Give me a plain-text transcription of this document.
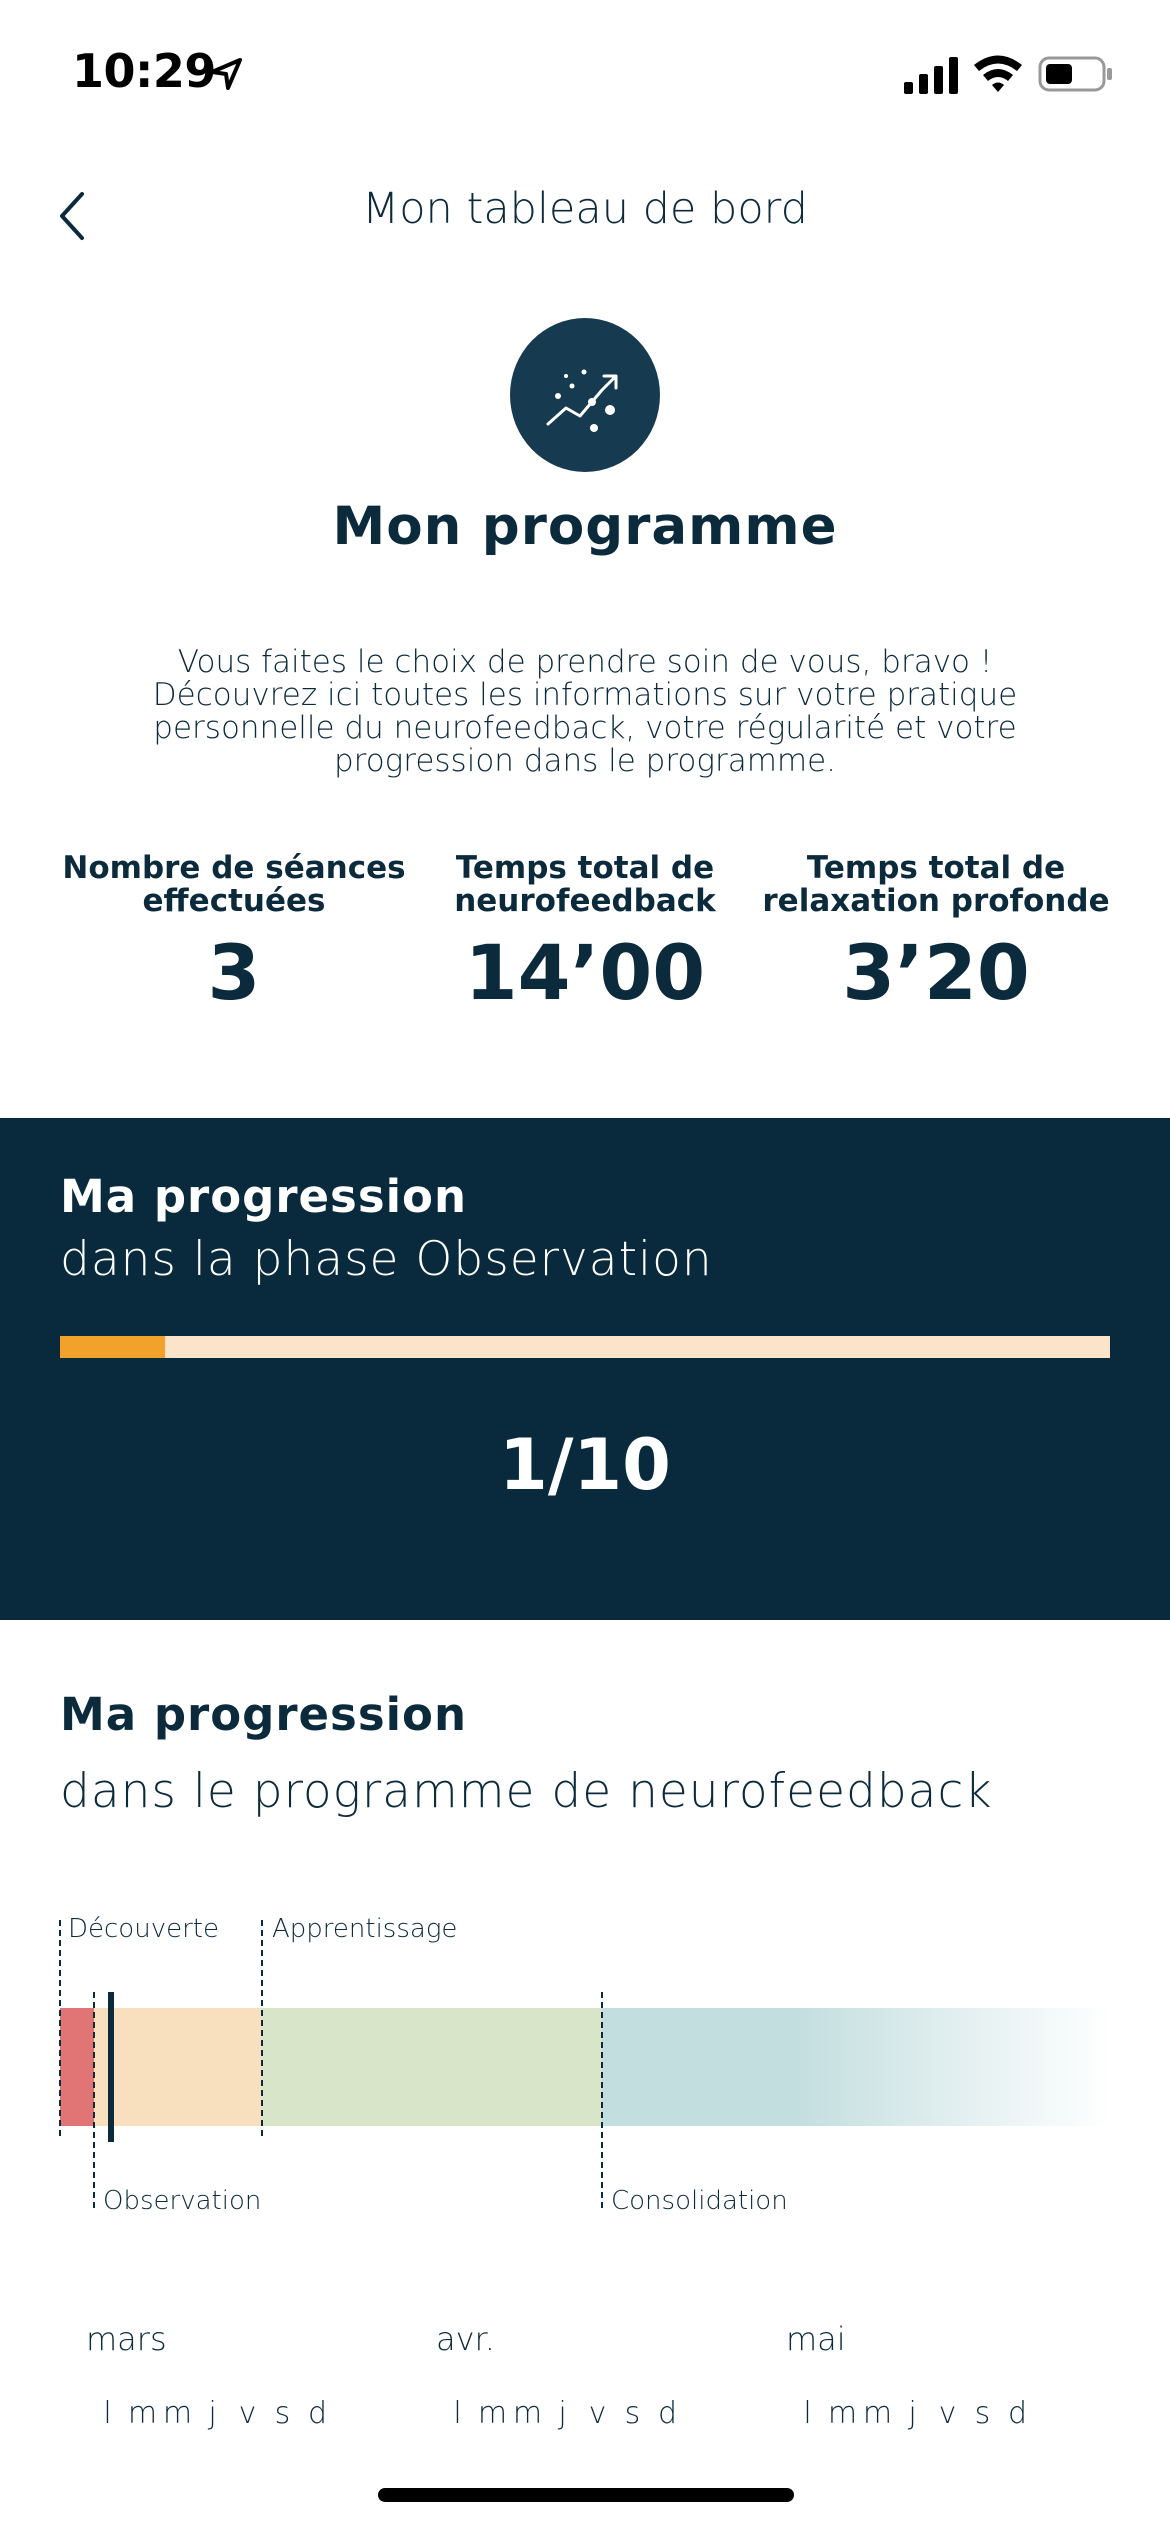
10:29
Mon tableau de bord
Mon programme
Vous faites le choix de prendre soin de vous, bravo ! Découvrez ici toutes les informations sur votre pratique personnelle du neurofeedback, votre régularité et votre progression dans le programme.
Nombre de séances effectuées
3
Temps total de neurofeedback
14’00
Temps total de relaxation profonde
3’20
Ma progression
dans la phase Observation
1/10
Ma progression
dans le programme de neurofeedback
Découverte Apprentissage
Observation	Consolidation
mars	avr.	mai
l m m j v s d	l m m j v s d	l m m j v s d
